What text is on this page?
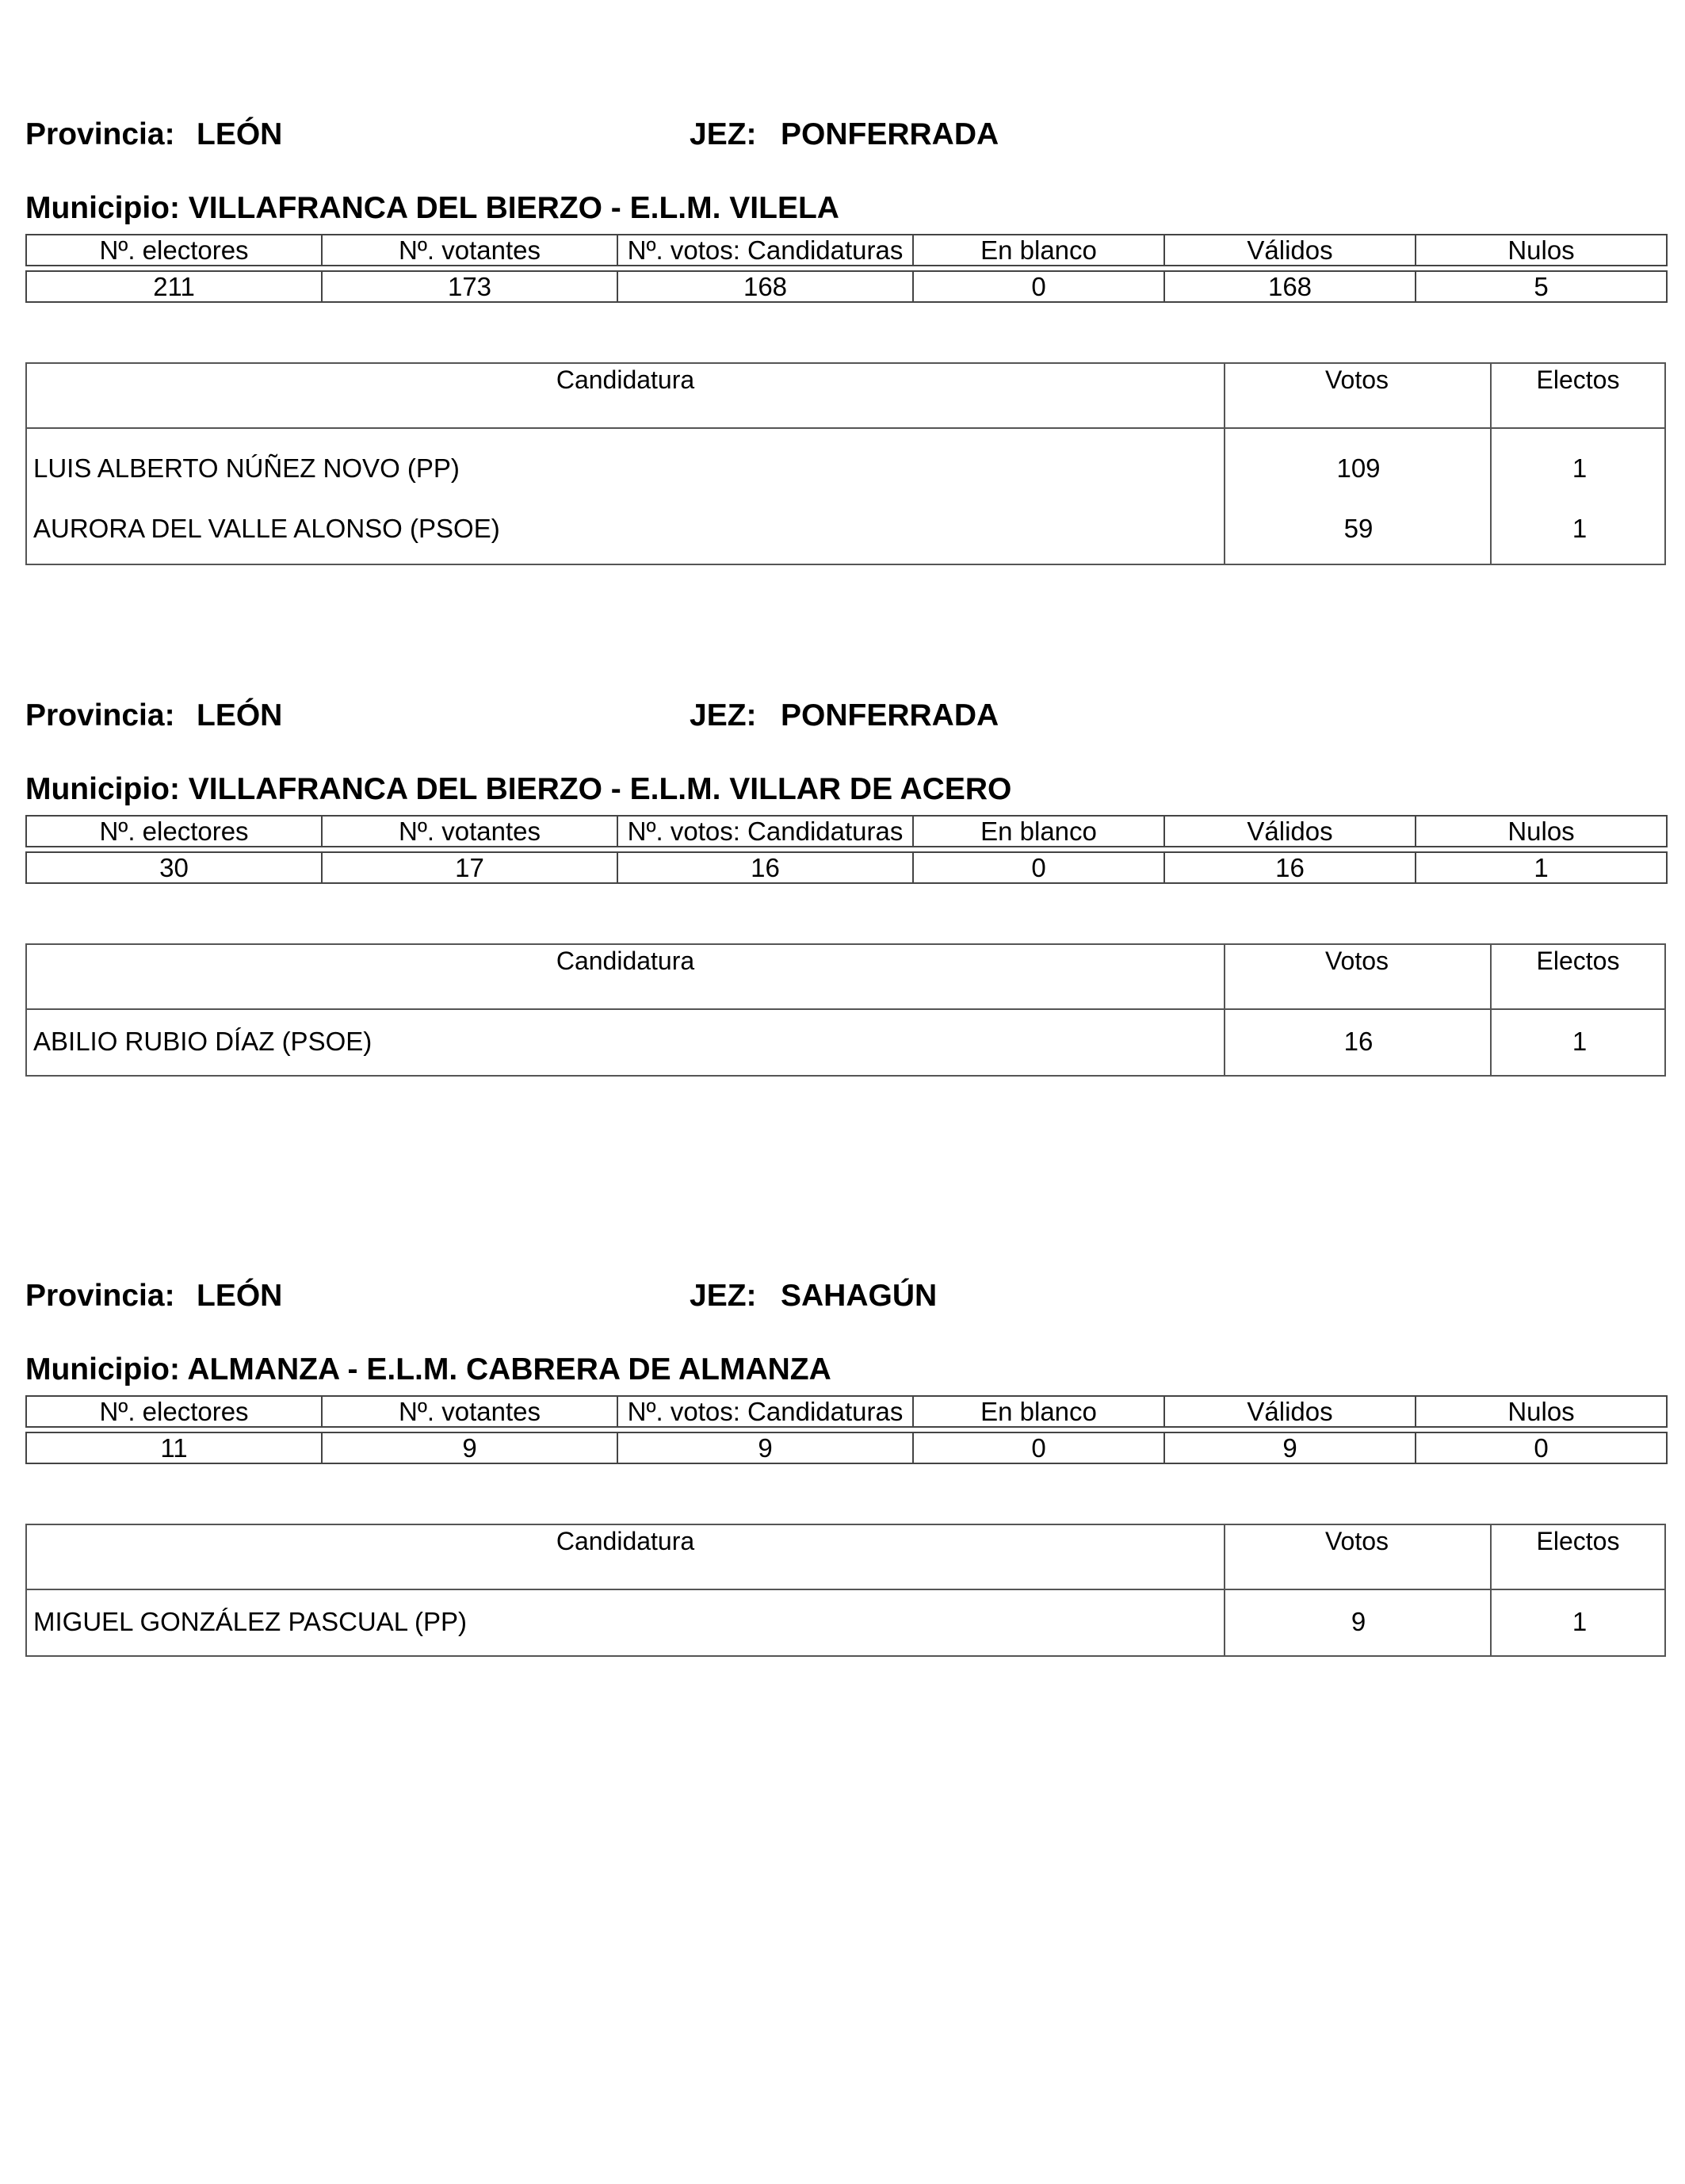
Provincia: LEÓN	JEZ: PONFERRADA
Municipio: VILLAFRANCA DEL BIERZO - E.L.M. VILELA
Nº. electores	Nº. votantes	Nº. votos: Candidaturas	En blanco	Válidos	Nulos

211	173	168	0	168	5
Candidatura	Votos	Electos
LUIS ALBERTO NÚÑEZ NOVO (PP)	109	1
AURORA DEL VALLE ALONSO (PSOE)	59	1
Provincia: LEÓN	JEZ: PONFERRADA
Municipio: VILLAFRANCA DEL BIERZO - E.L.M. VILLAR DE ACERO
Nº. electores	Nº. votantes	Nº. votos: Candidaturas	En blanco	Válidos	Nulos

30	17	16	0	16	1
Candidatura	Votos	Electos
ABILIO RUBIO DÍAZ (PSOE)	16	1
Provincia: LEÓN	JEZ: SAHAGÚN
Municipio: ALMANZA - E.L.M. CABRERA DE ALMANZA
Nº. electores	Nº. votantes	Nº. votos: Candidaturas	En blanco	Válidos	Nulos

11	9	9	0	9	0
Candidatura	Votos	Electos
MIGUEL GONZÁLEZ PASCUAL (PP)	9	1
